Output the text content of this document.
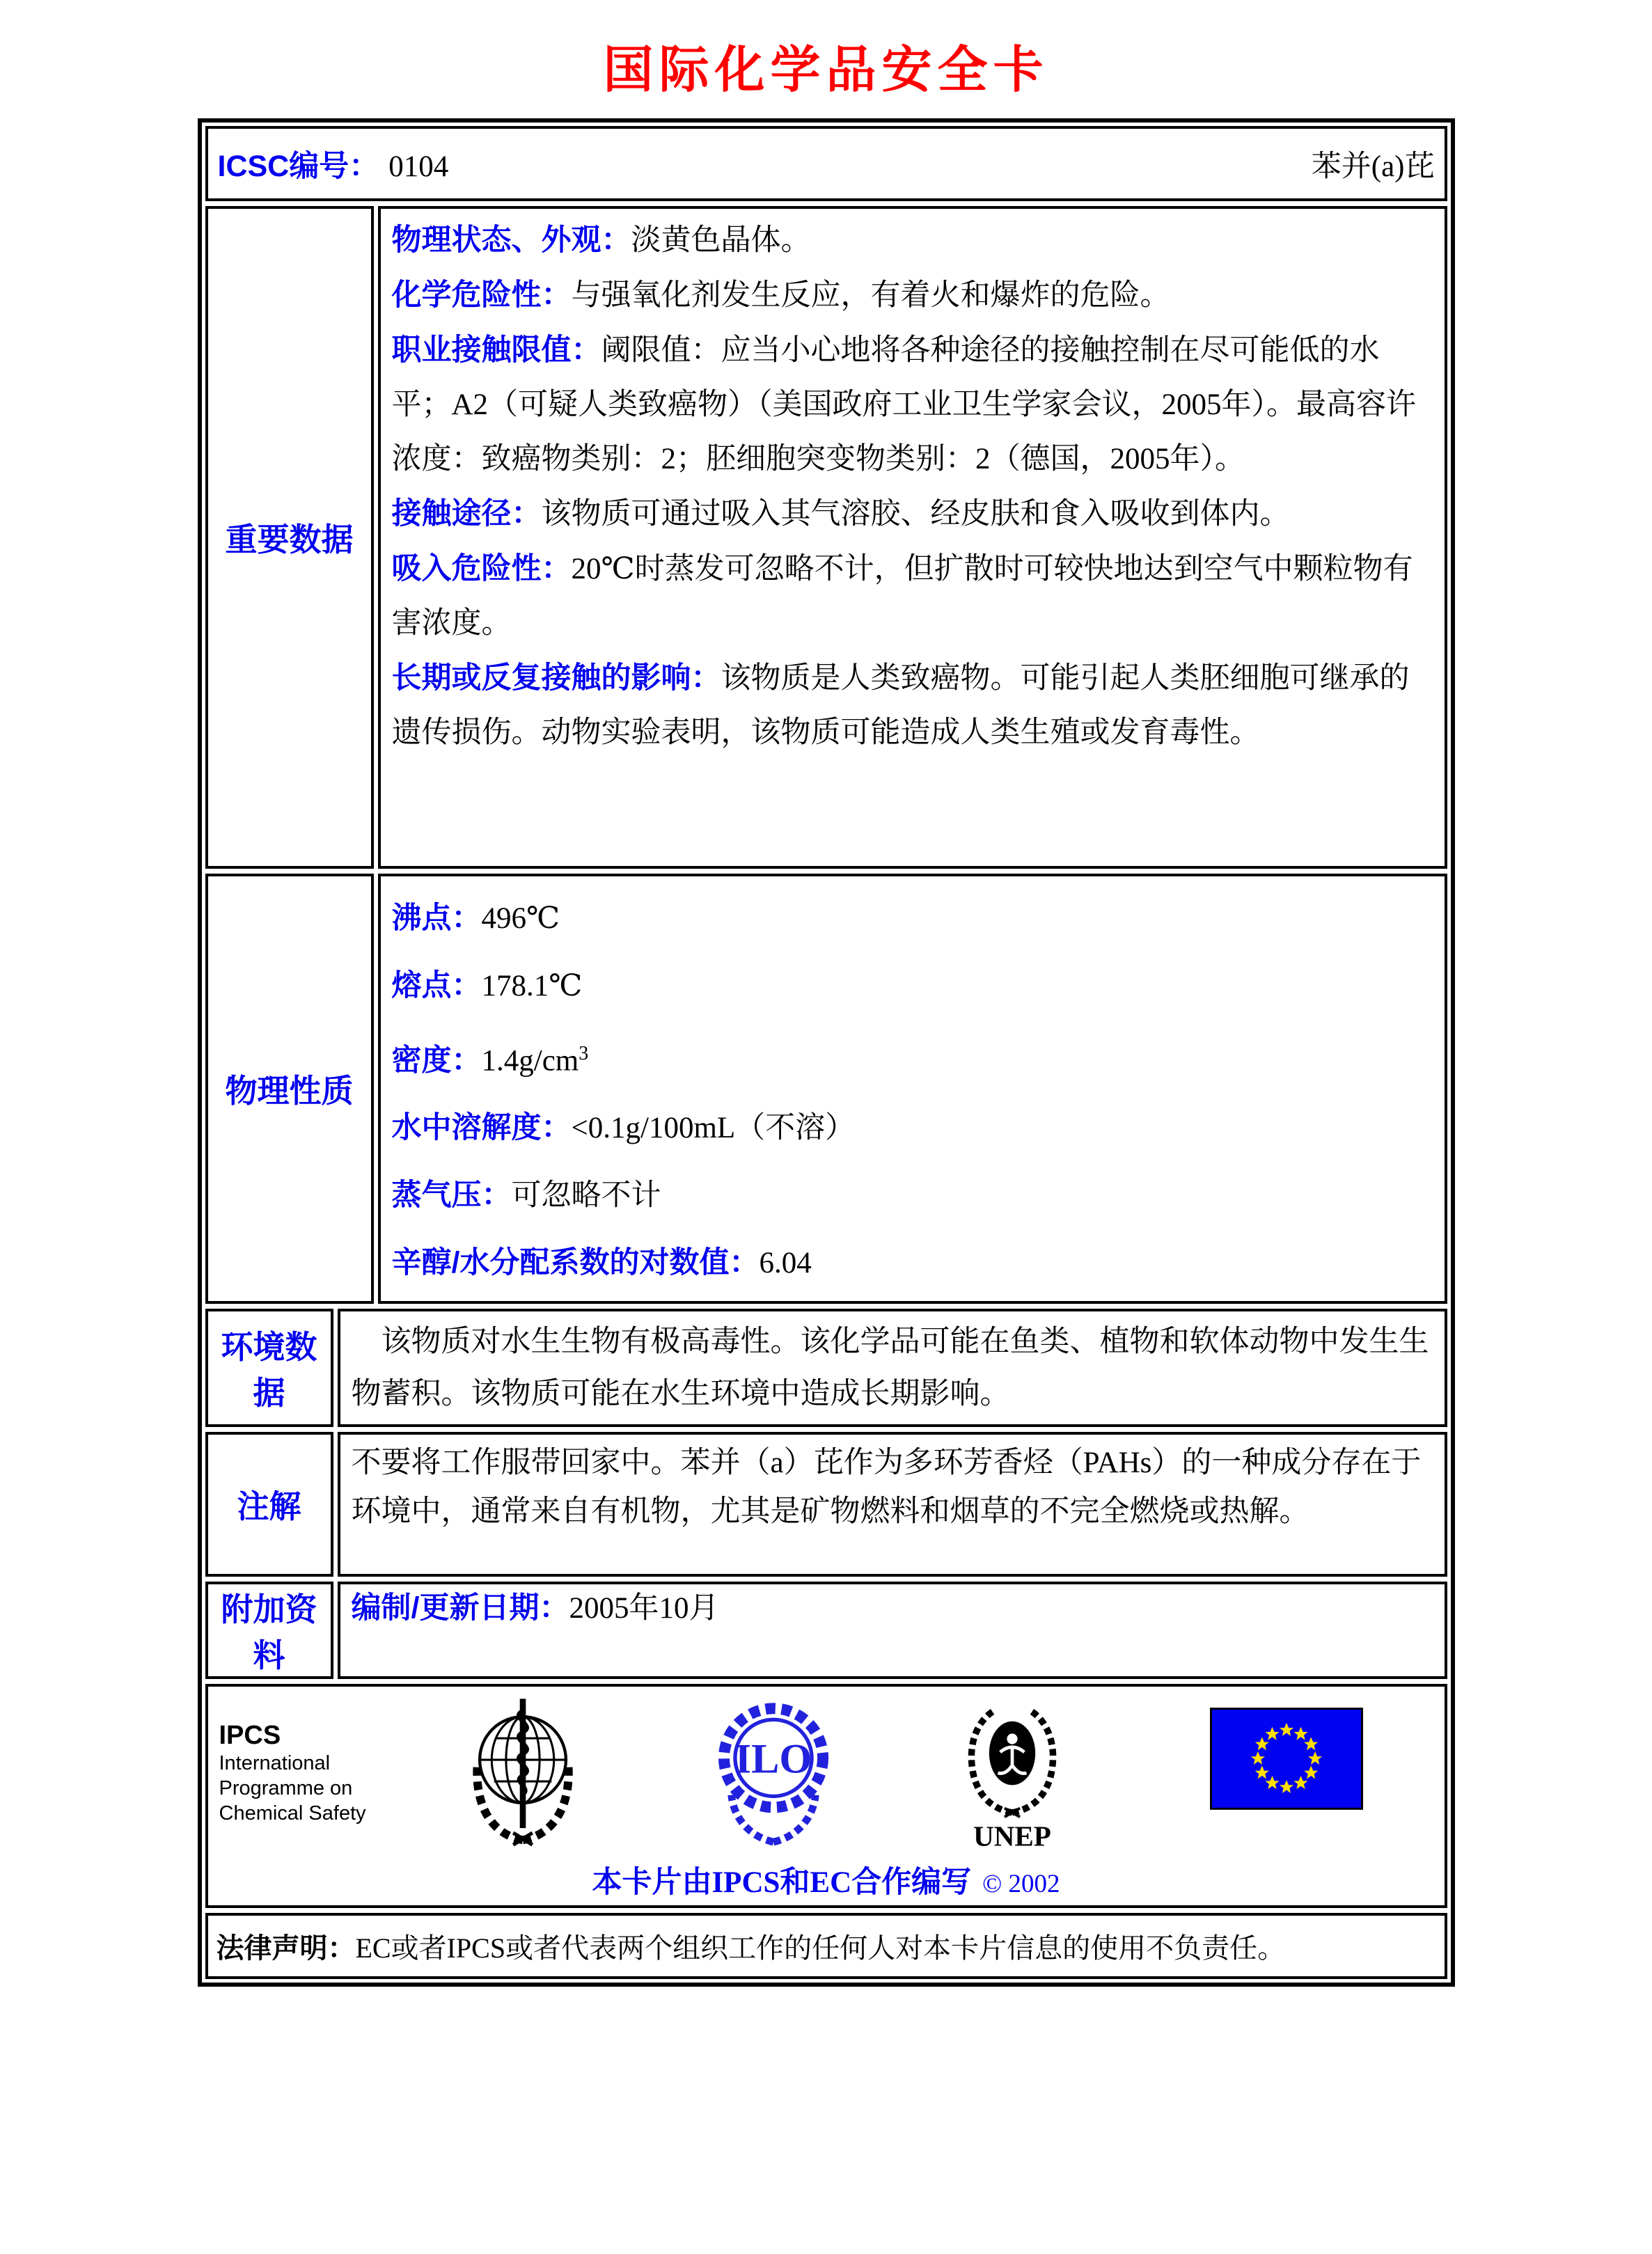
国际化学品安全卡
ICSC编号： 0104	苯并(a)芘
重要数据

物理状态、外观：淡黄色晶体。

化学危险性：与强氧化剂发生反应，有着火和爆炸的危险。

职业接触限值：阈限值：应当小心地将各种途径的接触控制在尽可能低的水平；A2（可疑人类致癌物）（美国政府工业卫生学家会议，2005年）。最高容许浓度：致癌物类别：2；胚细胞突变物类别：2（德国，2005年）。

接触途径：该物质可通过吸入其气溶胶、经皮肤和食入吸收到体内。

吸入危险性：20℃时蒸发可忽略不计，但扩散时可较快地达到空气中颗粒物有害浓度。

长期或反复接触的影响：该物质是人类致癌物。可能引起人类胚细胞可继承的遗传损伤。动物实验表明，该物质可能造成人类生殖或发育毒性。

物理性质

沸点：496℃

熔点：178.1℃

密度：$1.4g/cm^3$

水中溶解度：<0.1g/100mL（不溶）

蒸气压：可忽略不计

辛醇/水分配系数的对数值：6.04

环境数据

　该物质对水生生物有极高毒性。该化学品可能在鱼类、植物和软体动物中发生生物蓄积。该物质可能在水生环境中造成长期影响。

注解

不要将工作服带回家中。苯并（a）芘作为多环芳香烃（PAHs）的一种成分存在于环境中，通常来自有机物，尤其是矿物燃料和烟草的不完全燃烧或热解。

附加资料

编制/更新日期：2005年10月

IPCS
International
Programme on
Chemical Safety
ILO
UNEP
本卡片由IPCS和EC合作编写 © 2002
法律声明： EC或者IPCS或者代表两个组织工作的任何人对本卡片信息的使用不负责任。
